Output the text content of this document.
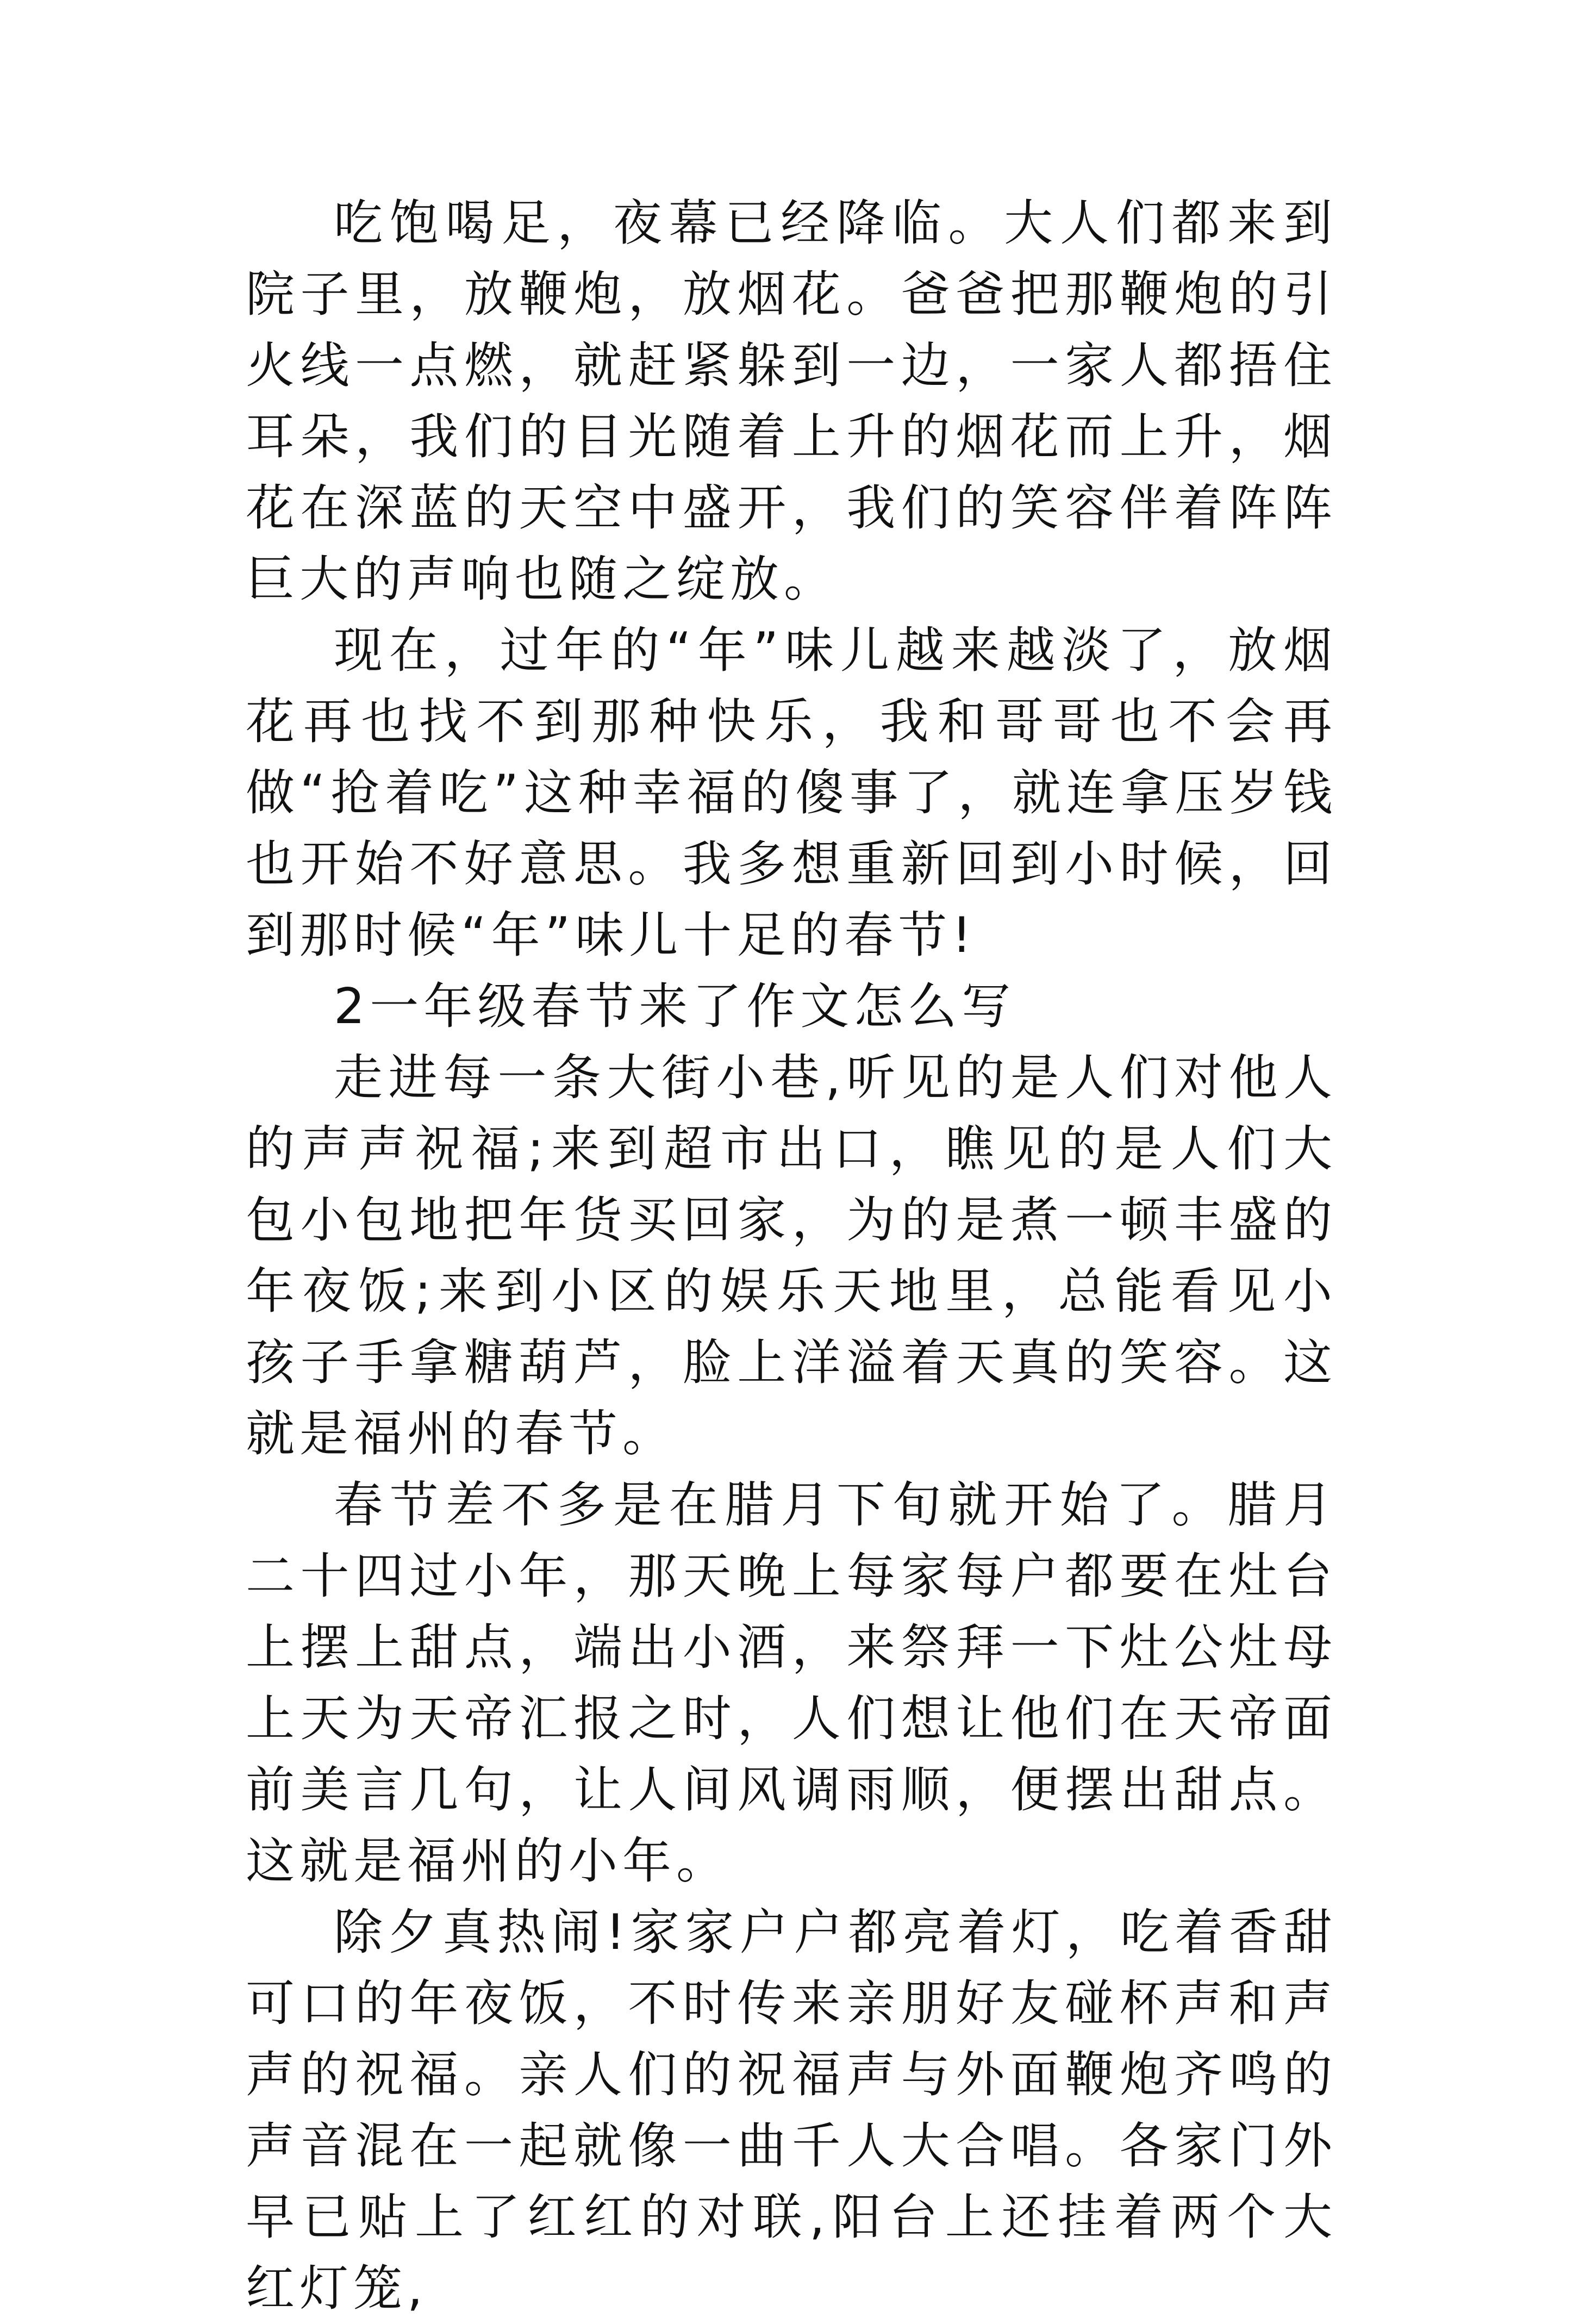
吃饱喝足，夜幕已经降临。大人们都来到院子里，放鞭炮，放烟花。爸爸把那鞭炮的引火线一点燃，就赶紧躲到一边，一家人都捂住耳朵，我们的目光随着上升的烟花而上升，烟花在深蓝的天空中盛开，我们的笑容伴着阵阵巨大的声响也随之绽放。

现在，过年的“年”味儿越来越淡了，放烟花再也找不到那种快乐，我和哥哥也不会再做“抢着吃”这种幸福的傻事了，就连拿压岁钱也开始不好意思。我多想重新回到小时候，回到那时候“年”味儿十足的春节!

2一年级春节来了作文怎么写

走进每一条大街小巷,听见的是人们对他人的声声祝福;来到超市出口，瞧见的是人们大包小包地把年货买回家，为的是煮一顿丰盛的年夜饭;来到小区的娱乐天地里，总能看见小孩子手拿糖葫芦，脸上洋溢着天真的笑容。这就是福州的春节。

春节差不多是在腊月下旬就开始了。腊月二十四过小年，那天晚上每家每户都要在灶台上摆上甜点，端出小酒，来祭拜一下灶公灶母上天为天帝汇报之时，人们想让他们在天帝面前美言几句，让人间风调雨顺，便摆出甜点。这就是福州的小年。

除夕真热闹!家家户户都亮着灯，吃着香甜可口的年夜饭，不时传来亲朋好友碰杯声和声声的祝福。亲人们的祝福声与外面鞭炮齐鸣的声音混在一起就像一曲千人大合唱。各家门外早已贴上了红红的对联,阳台上还挂着两个大红灯笼,
